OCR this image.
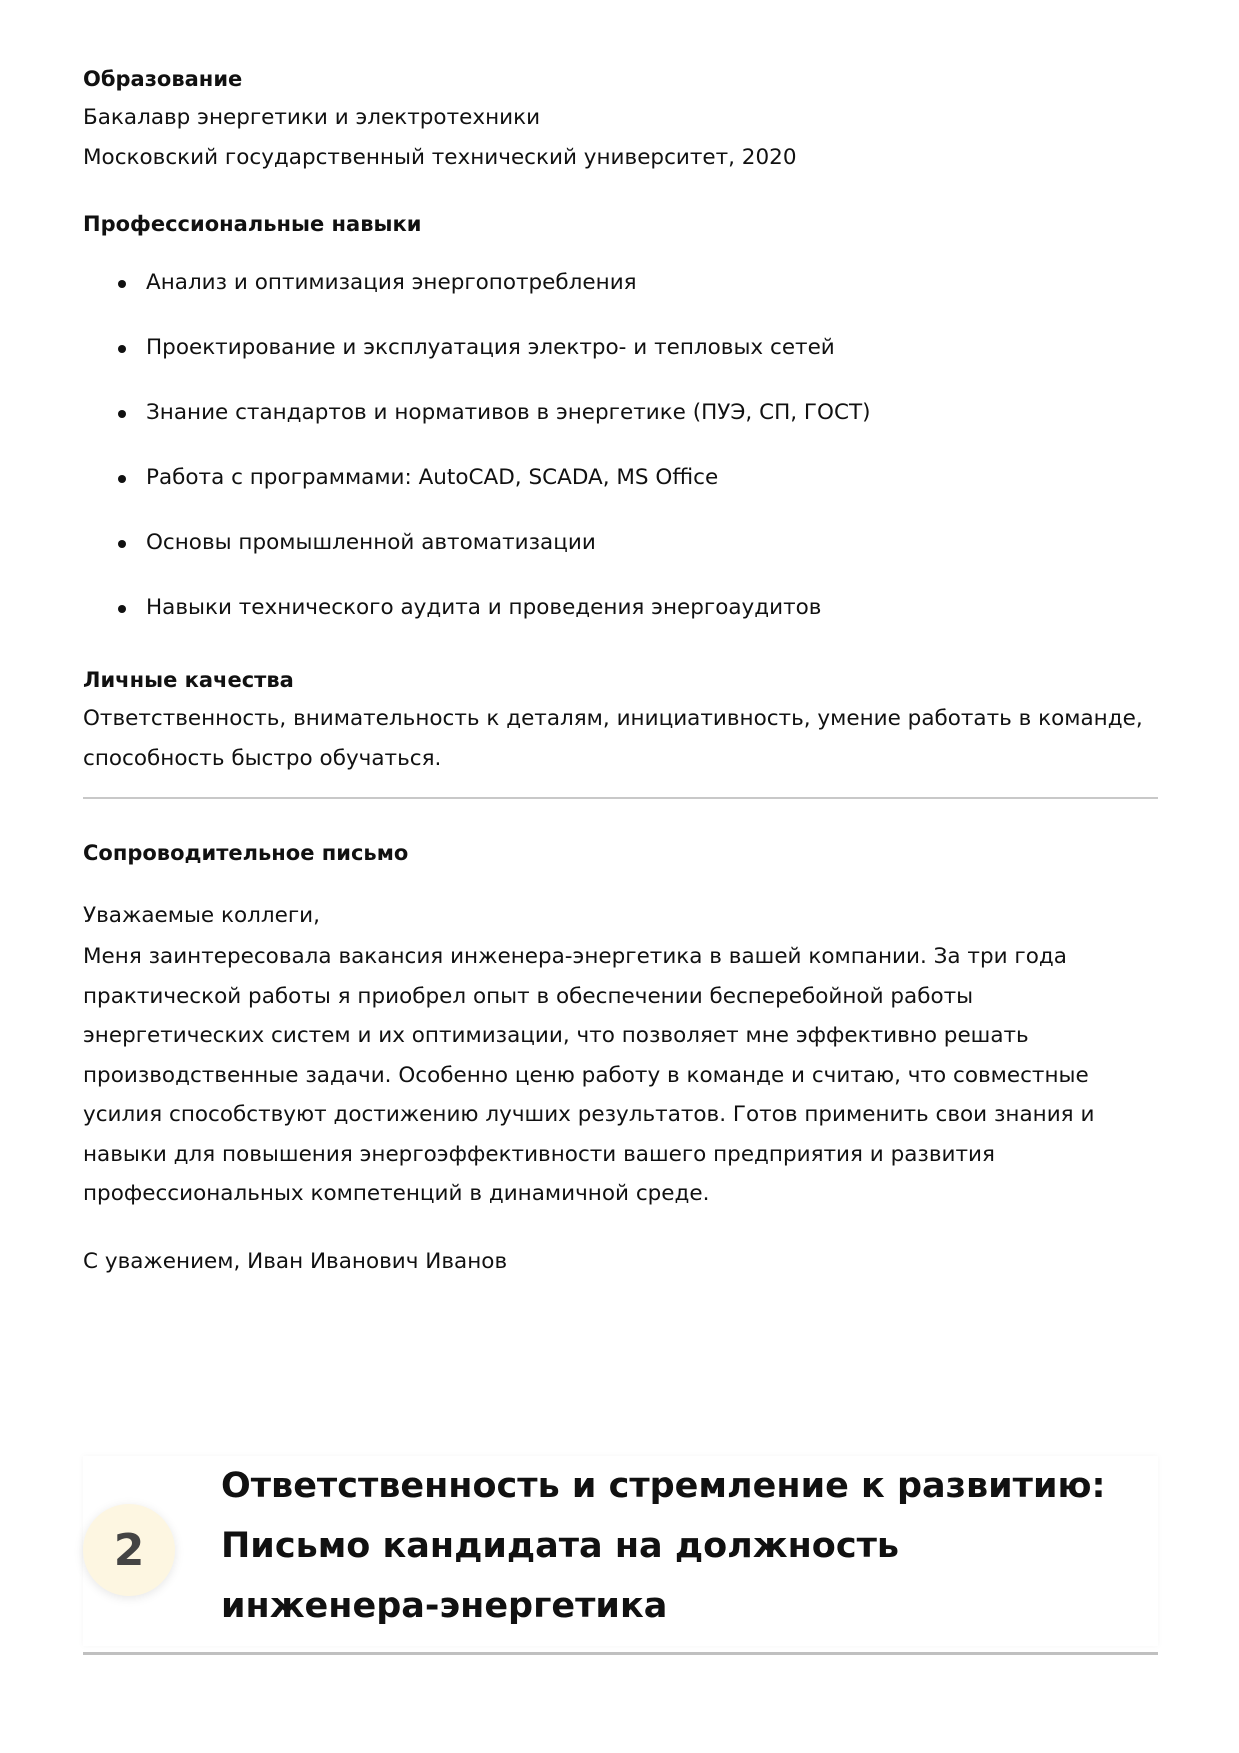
Образование

Бакалавр энергетики и электротехники

Московский государственный технический университет, 2020

Профессиональные навыки

Анализ и оптимизация энергопотребления
Проектирование и эксплуатация электро- и тепловых сетей
Знание стандартов и нормативов в энергетике (ПУЭ, СП, ГОСТ)
Работа с программами: AutoCAD, SCADA, MS Office
Основы промышленной автоматизации
Навыки технического аудита и проведения энергоаудитов

Личные качества

Ответственность, внимательность к деталям, инициативность, умение работать в команде, способность быстро обучаться.

Сопроводительное письмо

Уважаемые коллеги,

Меня заинтересовала вакансия инженера-энергетика в вашей компании. За три года практической работы я приобрел опыт в обеспечении бесперебойной работы энергетических систем и их оптимизации, что позволяет мне эффективно решать производственные задачи. Особенно ценю работу в команде и считаю, что совместные усилия способствуют достижению лучших результатов. Готов применить свои знания и навыки для повышения энергоэффективности вашего предприятия и развития профессиональных компетенций в динамичной среде.

С уважением, Иван Иванович Иванов

2
Ответственность и стремление к развитию: Письмо кандидата на должность инженера-энергетика
